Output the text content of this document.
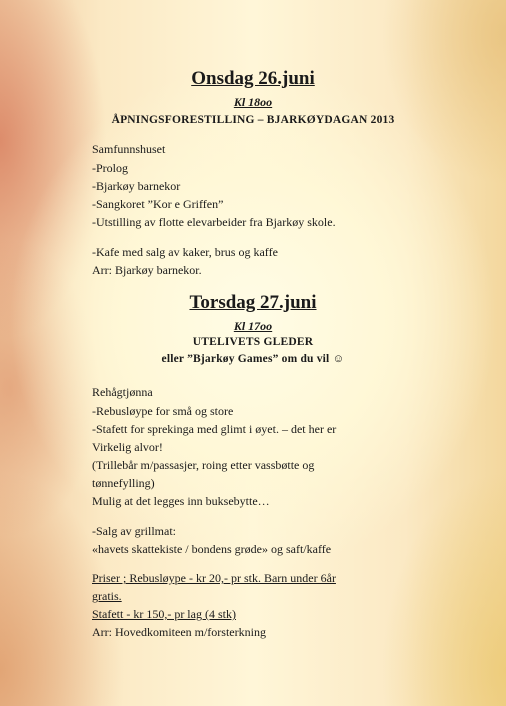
Onsdag 26.juni
Kl 18oo
ÅPNINGSFORESTILLING – BJARKØYDAGAN 2013
Samfunnshuset
-Prolog
-Bjarkøy barnekor
-Sangkoret ”Kor e Griffen”
-Utstilling av flotte elevarbeider fra Bjarkøy skole.
-Kafe med salg av kaker, brus og kaffe
Arr: Bjarkøy barnekor.
Torsdag 27.juni
Kl 17oo
UTELIVETS GLEDER
eller ”Bjarkøy Games” om du vil ☺
Rehågtjønna
-Rebusløype for små og store
-Stafett for sprekinga med glimt i øyet. – det her er
Virkelig alvor!
(Trillebår m/passasjer, roing etter vassbøtte og
tønnefylling)
Mulig at det legges inn buksebytte…
-Salg av grillmat:
«havets skattekiste / bondens grøde» og saft/kaffe
Priser ; Rebusløype - kr 20,- pr stk. Barn under 6år
gratis.
Stafett - kr 150,- pr lag (4 stk)
Arr: Hovedkomiteen m/forsterkning
